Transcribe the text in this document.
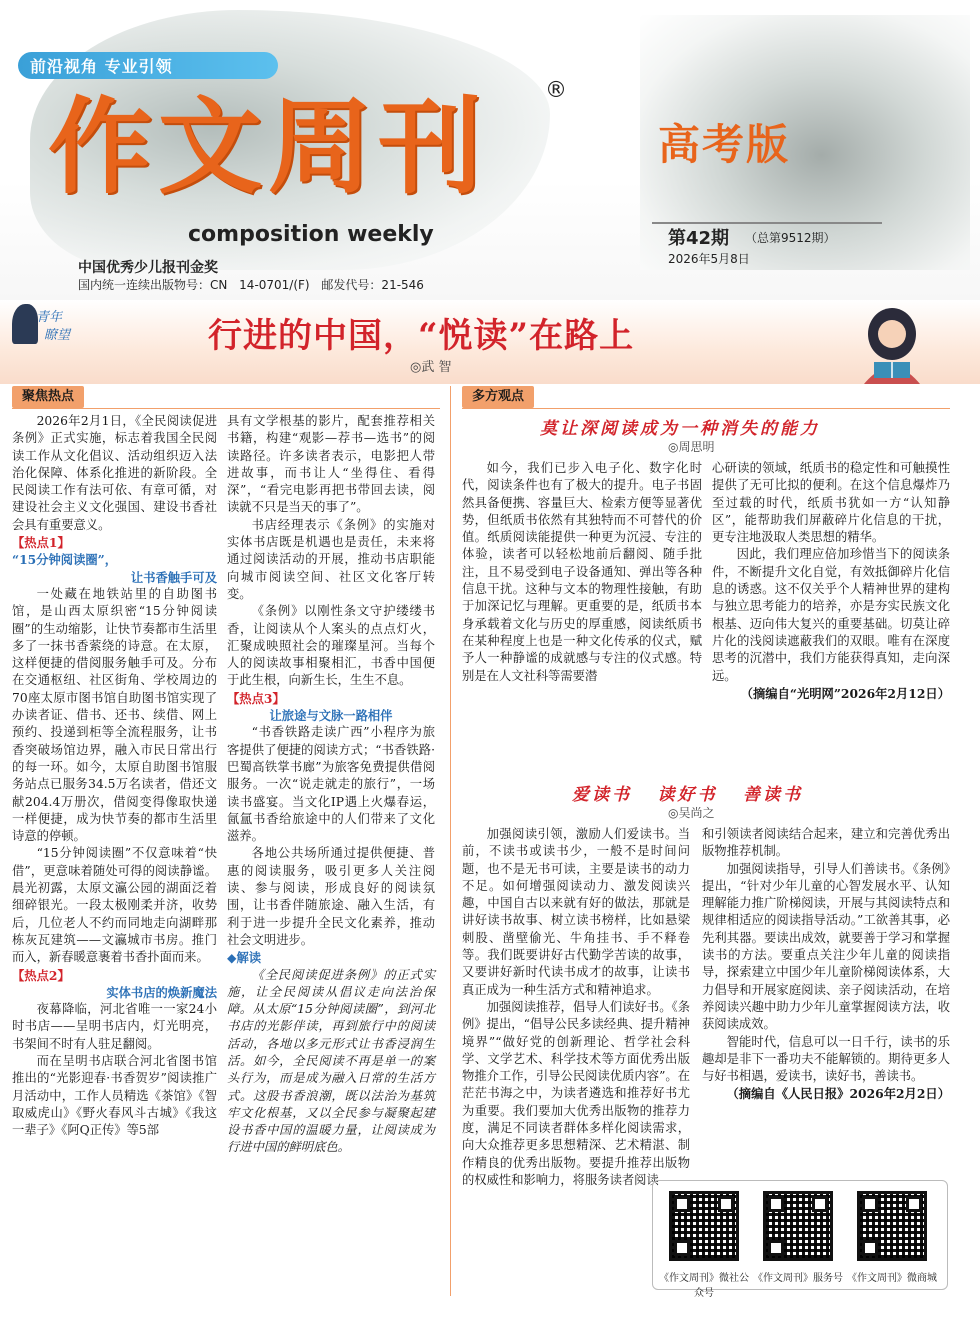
前沿视角 专业引领
作文周刊	®
composition weekly
中国优秀少儿报刊金奖
国内统一连续出版物号：CN 14-0701/(F) 邮发代号：21-546
高考版
第42期 （总第9512期）
2026年5月8日
青年
瞭望	行进的中国，“悦读”在路上
◎武 智
聚焦热点

2026年2月1日，《全民阅读促进条例》正式实施，标志着我国全民阅读工作从文化倡议、活动组织迈入法治化保障、体系化推进的新阶段。全民阅读工作有法可依、有章可循，对建设社会主义文化强国、建设书香社会具有重要意义。

【热点1】

“15分钟阅读圈”，

让书香触手可及

一处藏在地铁站里的自助图书馆，是山西太原织密“15分钟阅读圈”的生动缩影，让快节奏都市生活里多了一抹书香萦绕的诗意。在太原，这样便捷的借阅服务触手可及。分布在交通枢纽、社区街角、学校周边的70座太原市图书馆自助图书馆实现了办读者证、借书、还书、续借、网上预约、投递到柜等全流程服务，让书香突破场馆边界，融入市民日常出行的每一环。如今，太原自助图书馆服务站点已服务34.5万名读者，借还文献204.4万册次，借阅变得像取快递一样便捷，成为快节奏的都市生活里诗意的停顿。

“15分钟阅读圈”不仅意味着“快借”，更意味着随处可得的阅读静谧。晨光初露，太原文瀛公园的湖面泛着细碎银光。一段太极刚柔并济，收势后，几位老人不约而同地走向湖畔那栋灰瓦建筑——文瀛城市书房。推门而入，新春暖意裹着书香扑面而来。

【热点2】

实体书店的焕新魔法

夜幕降临，河北省唯一一家24小时书店——呈明书店内，灯光明亮，书架间不时有人驻足翻阅。

而在呈明书店联合河北省图书馆推出的“光影迎春·书香贺岁”阅读推广月活动中，工作人员精选《茶馆》《智取威虎山》《野火春风斗古城》《我这一辈子》《阿Q正传》等5部

具有文学根基的影片，配套推荐相关书籍，构建“观影—荐书—选书”的阅读路径。许多读者表示，电影把人带进故事，而书让人“坐得住、看得深”，“看完电影再把书带回去读，阅读就不只是当天的事了”。

书店经理表示《条例》的实施对实体书店既是机遇也是责任，未来将通过阅读活动的开展，推动书店职能向城市阅读空间、社区文化客厅转变。

《条例》以刚性条文守护缕缕书香，让阅读从个人案头的点点灯火，汇聚成映照社会的璀璨星河。当每个人的阅读故事相聚相汇，书香中国便于此生根，向新生长，生生不息。

【热点3】

让旅途与文脉一路相伴

“书香铁路走读广西”小程序为旅客提供了便捷的阅读方式；“书香铁路·巴蜀高铁掌书廊”为旅客免费提供借阅服务。一次“说走就走的旅行”，一场读书盛宴。当文化IP遇上火爆春运，氤氲书香给旅途中的人们带来了文化滋养。

各地公共场所通过提供便捷、普惠的阅读服务，吸引更多人关注阅读、参与阅读，形成良好的阅读氛围，让书香伴随旅途、融入生活，有利于进一步提升全民文化素养，推动社会文明进步。

◆解读

《全民阅读促进条例》的正式实施，让全民阅读从倡议走向法治保障。从太原“15分钟阅读圈”，到河北书店的光影伴读，再到旅行中的阅读活动，各地以多元形式让书香浸润生活。如今，全民阅读不再是单一的案头行为，而是成为融入日常的生活方式。这股书香浪潮，既以法治为基筑牢文化根基，又以全民参与凝聚起建设书香中国的温暖力量，让阅读成为行进中国的鲜明底色。

多方观点
莫让深阅读成为一种消失的能力
◎周思明

如今，我们已步入电子化、数字化时代，阅读条件也有了极大的提升。电子书固然具备便携、容量巨大、检索方便等显著优势，但纸质书依然有其独特而不可替代的价值。纸质阅读能提供一种更为沉浸、专注的体验，读者可以轻松地前后翻阅、随手批注，且不易受到电子设备通知、弹出等各种信息干扰。这种与文本的物理性接触，有助于加深记忆与理解。更重要的是，纸质书本身承载着文化与历史的厚重感，阅读纸质书在某种程度上也是一种文化传承的仪式，赋予人一种静谧的成就感与专注的仪式感。特别是在人文社科等需要潜

心研读的领域，纸质书的稳定性和可触摸性提供了无可比拟的便利。在这个信息爆炸乃至过载的时代，纸质书犹如一方“认知静区”，能帮助我们屏蔽碎片化信息的干扰，更专注地汲取人类思想的精华。

因此，我们理应倍加珍惜当下的阅读条件，不断提升文化自觉，有效抵御碎片化信息的诱惑。这不仅关乎个人精神世界的建构与独立思考能力的培养，亦是夯实民族文化根基、迈向伟大复兴的重要基础。切莫让碎片化的浅阅读遮蔽我们的双眼。唯有在深度思考的沉潜中，我们方能获得真知，走向深远。

（摘编自“光明网”2026年2月12日）

爱读书 读好书 善读书
◎吴尚之

加强阅读引领，激励人们爱读书。当前，不读书或读书少，一般不是时间问题，也不是无书可读，主要是读书的动力不足。如何增强阅读动力、激发阅读兴趣，中国自古以来就有好的做法，那就是讲好读书故事、树立读书榜样，比如悬梁刺股、凿壁偷光、牛角挂书、手不释卷等。我们既要讲好古代勤学苦读的故事，又要讲好新时代读书成才的故事，让读书真正成为一种生活方式和精神追求。

加强阅读推荐，倡导人们读好书。《条例》提出，“倡导公民多读经典、提升精神境界”“做好党的创新理论、哲学社会科学、文学艺术、科学技术等方面优秀出版物推介工作，引导公民阅读优质内容”。在茫茫书海之中，为读者遴选和推荐好书尤为重要。我们要加大优秀出版物的推荐力度，满足不同读者群体多样化阅读需求，向大众推荐更多思想精深、艺术精湛、制作精良的优秀出版物。要提升推荐出版物的权威性和影响力，将服务读者阅读

和引领读者阅读结合起来，建立和完善优秀出版物推荐机制。

加强阅读指导，引导人们善读书。《条例》提出，“针对少年儿童的心智发展水平、认知理解能力推广阶梯阅读，开展与其阅读特点和规律相适应的阅读指导活动。”工欲善其事，必先利其器。要读出成效，就要善于学习和掌握读书的方法。要重点关注少年儿童的阅读指导，探索建立中国少年儿童阶梯阅读体系，大力倡导和开展家庭阅读、亲子阅读活动，在培养阅读兴趣中助力少年儿童掌握阅读方法，收获阅读成效。

智能时代，信息可以一日千行，读书的乐趣却是非下一番功夫不能解锁的。期待更多人与好书相遇，爱读书，读好书，善读书。

（摘编自《人民日报》2026年2月2日）

《作文周刊》微社公众号
《作文周刊》服务号 《作文周刊》微商城
